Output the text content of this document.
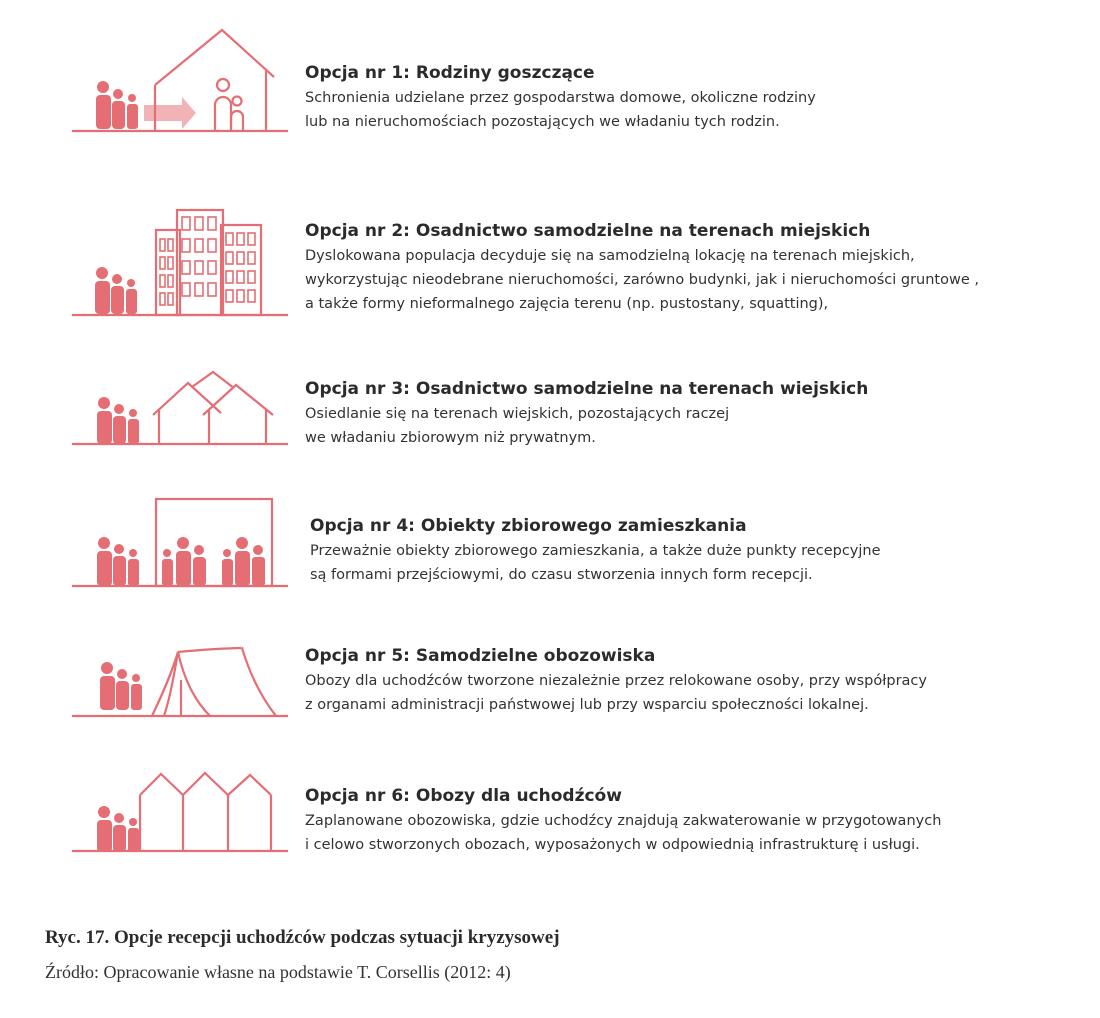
Opcja nr 1: Rodziny goszczące
Schronienia udzielane przez gospodarstwa domowe, okoliczne rodziny
lub na nieruchomościach pozostających we władaniu tych rodzin.
Opcja nr 2: Osadnictwo samodzielne na terenach miejskich
Dyslokowana populacja decyduje się na samodzielną lokację na terenach miejskich,
wykorzystując nieodebrane nieruchomości, zarówno budynki, jak i nieruchomości gruntowe ,
a także formy nieformalnego zajęcia terenu (np. pustostany, squatting),
Opcja nr 3: Osadnictwo samodzielne na terenach wiejskich
Osiedlanie się na terenach wiejskich, pozostających raczej
we władaniu zbiorowym niż prywatnym.
Opcja nr 4: Obiekty zbiorowego zamieszkania
Przeważnie obiekty zbiorowego zamieszkania, a także duże punkty recepcyjne
są formami przejściowymi, do czasu stworzenia innych form recepcji.
Opcja nr 5: Samodzielne obozowiska
Obozy dla uchodźców tworzone niezależnie przez relokowane osoby, przy współpracy
z organami administracji państwowej lub przy wsparciu społeczności lokalnej.
Opcja nr 6: Obozy dla uchodźców
Zaplanowane obozowiska, gdzie uchodźcy znajdują zakwaterowanie w przygotowanych
i celowo stworzonych obozach, wyposażonych w odpowiednią infrastrukturę i usługi.
Ryc. 17. Opcje recepcji uchodźców podczas sytuacji kryzysowej
Źródło: Opracowanie własne na podstawie T. Corsellis (2012: 4)
